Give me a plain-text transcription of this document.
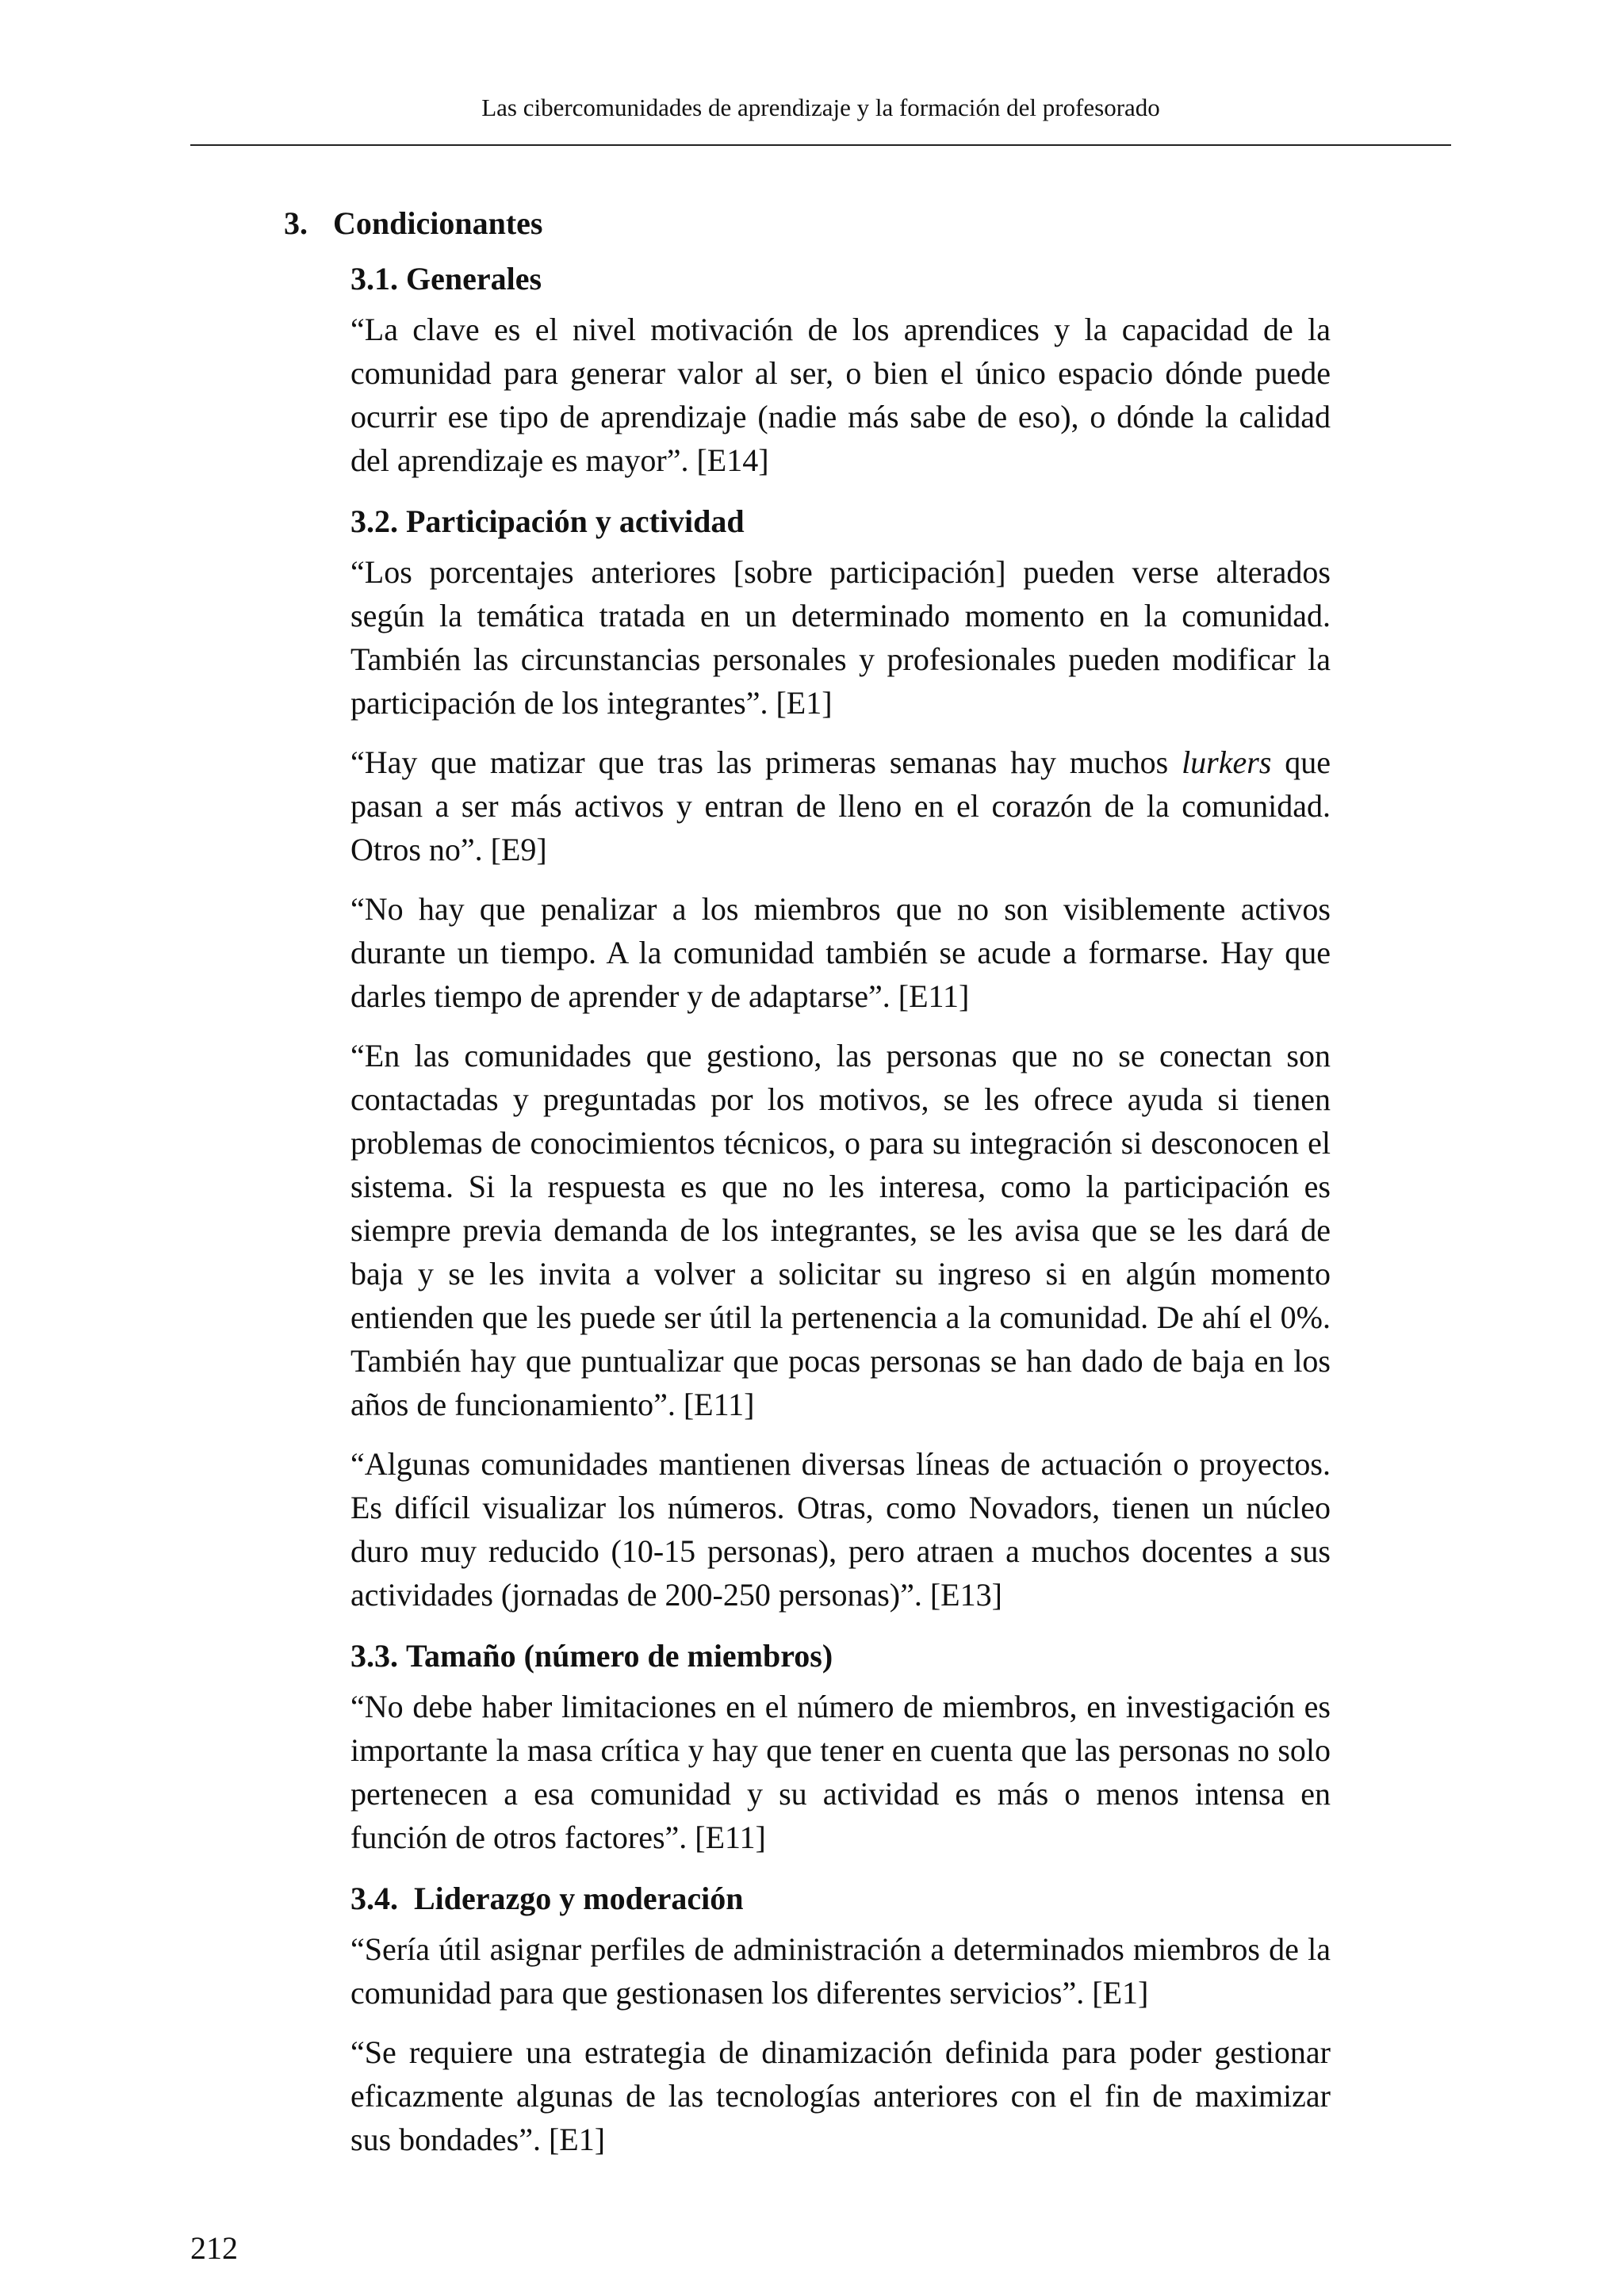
Las cibercomunidades de aprendizaje y la formación del profesorado
3. Condicionantes
3.1. Generales

“La clave es el nivel motivación de los aprendices y la capacidad de la comunidad para generar valor al ser, o bien el único espacio dónde puede ocurrir ese tipo de aprendizaje (nadie más sabe de eso), o dónde la calidad del aprendizaje es mayor”. [E14]

3.2. Participación y actividad

“Los porcentajes anteriores [sobre participación] pueden verse alterados según la temática tratada en un determinado momento en la comunidad. También las circunstancias personales y profesionales pueden modificar la participación de los integrantes”. [E1]

“Hay que matizar que tras las primeras semanas hay muchos lurkers que pasan a ser más activos y entran de lleno en el corazón de la comunidad. Otros no”. [E9]

“No hay que penalizar a los miembros que no son visiblemente activos durante un tiempo. A la comunidad también se acude a formarse. Hay que darles tiempo de aprender y de adaptarse”. [E11]

“En las comunidades que gestiono, las personas que no se conectan son contactadas y preguntadas por los motivos, se les ofrece ayuda si tienen problemas de conocimientos técnicos, o para su integración si desconocen el sistema. Si la respuesta es que no les interesa, como la participación es siempre previa demanda de los integrantes, se les avisa que se les dará de baja y se les invita a volver a solicitar su ingreso si en algún momento entienden que les puede ser útil la pertenencia a la comunidad. De ahí el 0%. También hay que puntualizar que pocas personas se han dado de baja en los años de funcionamiento”. [E11]

“Algunas comunidades mantienen diversas líneas de actuación o proyectos. Es difícil visualizar los números. Otras, como Novadors, tienen un núcleo duro muy reducido (10-15 personas), pero atraen a muchos docentes a sus actividades (jornadas de 200-250 personas)”. [E13]

3.3. Tamaño (número de miembros)

“No debe haber limitaciones en el número de miembros, en investigación es importante la masa crítica y hay que tener en cuenta que las personas no solo pertenecen a esa comunidad y su actividad es más o menos intensa en función de otros factores”. [E11]

3.4. Liderazgo y moderación

“Sería útil asignar perfiles de administración a determinados miembros de la comunidad para que gestionasen los diferentes servicios”. [E1]

“Se requiere una estrategia de dinamización definida para poder gestionar eficazmente algunas de las tecnologías anteriores con el fin de maximizar sus bondades”. [E1]

212
